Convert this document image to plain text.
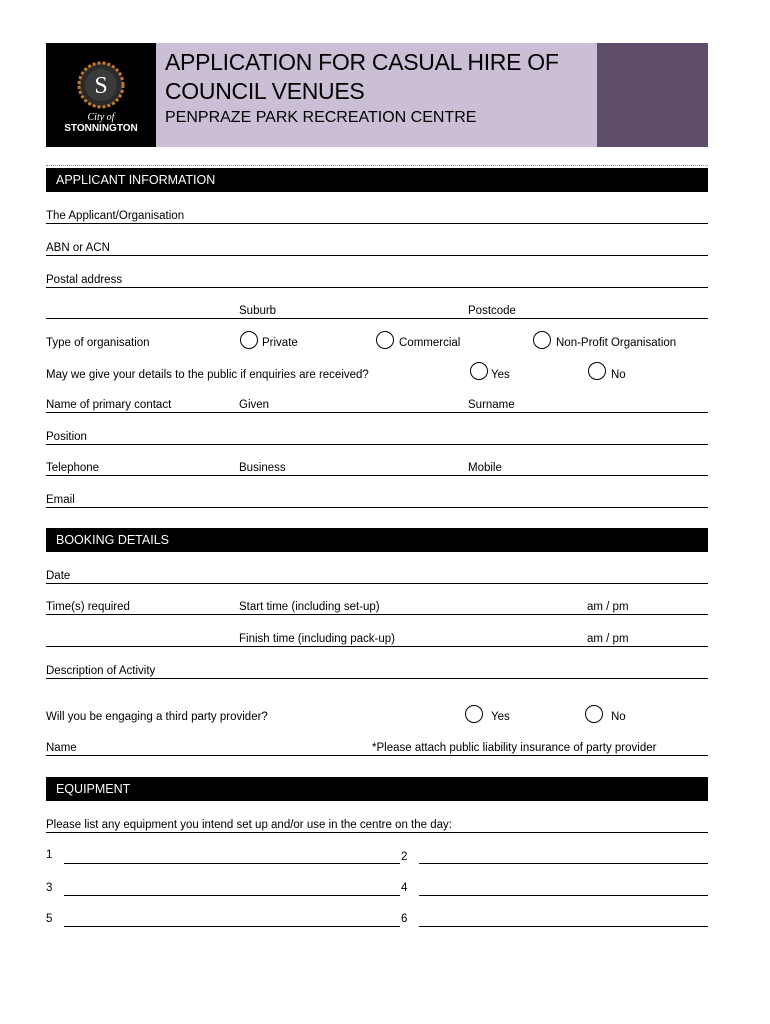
S
City of
STONNINGTON
APPLICATION FOR CASUAL HIRE OF
COUNCIL VENUES
PENPRAZE PARK RECREATION CENTRE
APPLICANT INFORMATION
The Applicant/Organisation
ABN or ACN
Postal address
Suburb	Postcode
Type of organisation	Private	Commercial	Non-Profit Organisation
May we give your details to the public if enquiries are received?	Yes	No
Name of primary contact	Given	Surname
Position
Telephone	Business	Mobile
Email
BOOKING DETAILS
Date
Time(s) required	Start time (including set-up)	am / pm
Finish time (including pack-up)	am / pm
Description of Activity
Will you be engaging a third party provider?	Yes	No
Name	*Please attach public liability insurance of party provider
EQUIPMENT
Please list any equipment you intend set up and/or use in the centre on the day:
1	2
3	4
5	6
